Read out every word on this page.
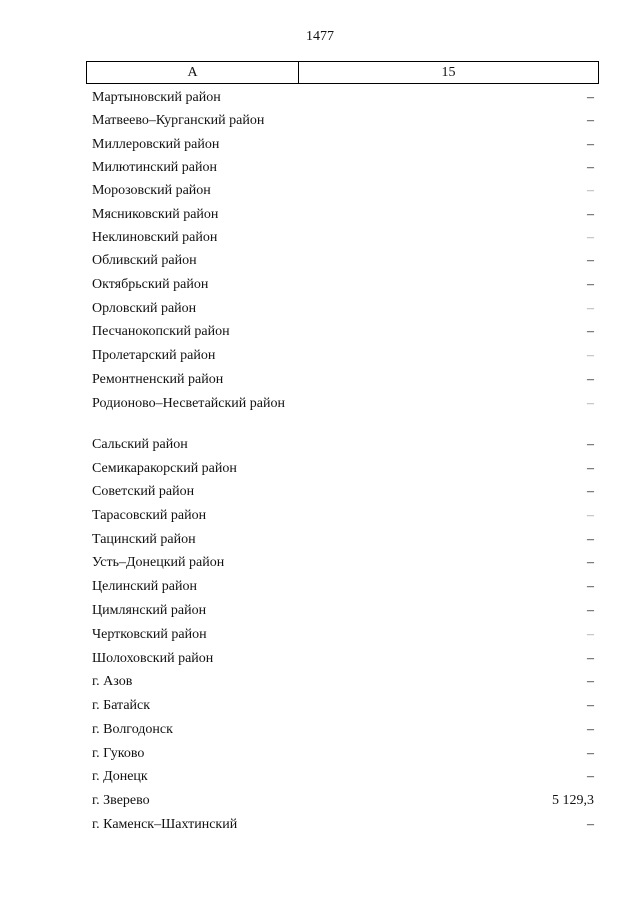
1477
А	15
Мартыновский район	–
Матвеево–Курганский район	–
Миллеровский район	–
Милютинский район	–
Морозовский район	–
Мясниковский район	–
Неклиновский район	–
Обливский район	–
Октябрьский район	–
Орловский район	–
Песчанокопский район	–
Пролетарский район	–
Ремонтненский район	–
Родионово–Несветайский район	–
Сальский район	–
Семикаракорский район	–
Советский район	–
Тарасовский район	–
Тацинский район	–
Усть–Донецкий район	–
Целинский район	–
Цимлянский район	–
Чертковский район	–
Шолоховский район	–
г. Азов	–
г. Батайск	–
г. Волгодонск	–
г. Гуково	–
г. Донецк	–
г. Зверево	5 129,3
г. Каменск–Шахтинский	–
